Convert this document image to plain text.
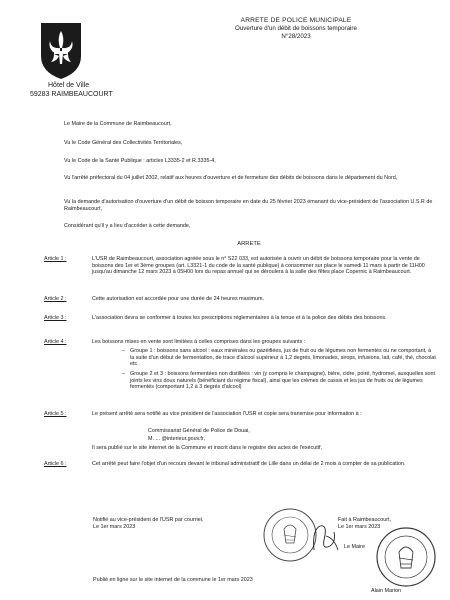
Hôtel de Ville
59283 RAIMBEAUCOURT
ARRETE DE POLICE MUNICIPALE
Ouverture d'un débit de boissons temporaire
N°28/2023
Le Maire de la Commune de Raimbeaucourt,
Vu le Code Général des Collectivités Territoriales,
Vu le Code de la Santé Publique : articles L3335-2 et R.3335-4,
Vu l'arrêté préfectoral du 04 juillet 2002, relatif aux heures d'ouverture et de fermeture des débits de boissons dans le département du Nord,
Vu la demande d'autorisation d'ouverture d'un débit de boisson temporaire en date du 25 février 2023 émanant du vice-président de l'association U.S.R de Raimbeaucourt,
Considérant qu'il y a lieu d'accéder à cette demande,
ARRETE
Article 1 :	L'USR de Raimbeaucourt, association agréée sous le n° S22 033, est autorisée à ouvrir un débit de boissons temporaire pour la vente de boissons des 1er et 3ème groupes (art. L3321-1 du code de la santé publique) à consommer sur place le samedi 11 mars à partir de 11H00 jusqu'au dimanche 12 mars 2023 à 05H00 lors du repas annuel qui se déroulera à la salle des fêtes place Copernic à Raimbeaucourt.
Article 2 :	Cette autorisation est accordée pour une durée de 24 heures maximum.
Article 3 :	L'association devra se conformer à toutes les prescriptions réglementaires à la tenue et à la police des débits des boissons.
Article 4 :	Les boissons mises en vente sont limitées à celles comprises dans les groupes suivants :
– Groupe 1 : boissons sans alcool : eaux minérales ou gazéifiées, jus de fruit ou de légumes non fermentés ou ne comportant, à la suite d'un début de fermentation, de trace d'alcool supérieur à 1,2 degrés, limonades, sirops, infusions, lait, café, thé, chocolat etc.
– Groupe 2 et 3 : boissons fermentées non distillées : vin (y compris le champagne), bière, cidre, poiré, hydromel, auxquelles sont joints les vins doux naturels (bénéficiant du régime fiscal), ainsi que les crèmes de cassis et les jus de fruits ou de légumes fermentés (comportant 1,2 à 3 degrés d'alcool)
Article 5 :	Le présent arrêté sera notifié au vice président de l'association l'USR et copie sera transmise pour information à :
Commissariat Général de Police de Douai,
M. ... @interieur.gouv.fr,
Il sera publié sur le site internet de la Commune et inscrit dans le registre des actes de l'exécutif,
Article 6 :	Cet arrêté peut faire l'objet d'un recours devant le tribunal administratif de Lille dans un délai de 2 mois à compter de sa publication.
Notifié au vice-président de l'USR par courriel,
Le 1er mars 2023
Fait à Raimbeaucourt,
Le 1er mars 2023
Le Maire
Alain Marion
Publié en ligne sur le site internet de la commune le 1er mars 2023
